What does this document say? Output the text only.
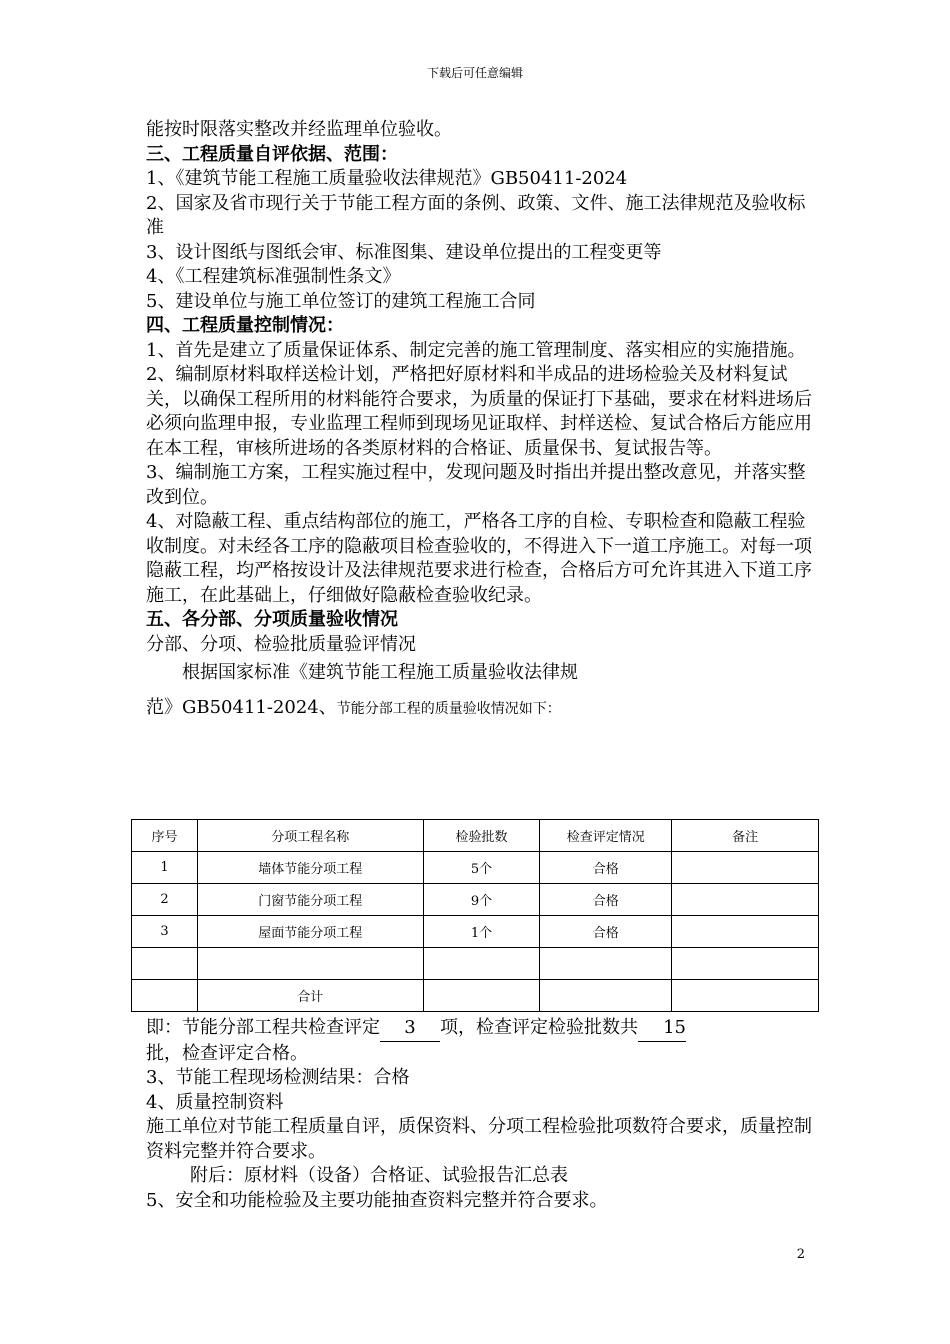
下载后可任意编辑

能按时限落实整改并经监理单位验收。

三、工程质量自评依据、范围：

1、《建筑节能工程施工质量验收法律规范》GB50411-2024

2、国家及省市现行关于节能工程方面的条例、政策、文件、施工法律规范及验收标准

3、设计图纸与图纸会审、标准图集、建设单位提出的工程变更等

4、《工程建筑标准强制性条文》

5、建设单位与施工单位签订的建筑工程施工合同

四、工程质量控制情况：

1、首先是建立了质量保证体系、制定完善的施工管理制度、落实相应的实施措施。

2、编制原材料取样送检计划，严格把好原材料和半成品的进场检验关及材料复试关，以确保工程所用的材料能符合要求，为质量的保证打下基础，要求在材料进场后必须向监理申报，专业监理工程师到现场见证取样、封样送检、复试合格后方能应用在本工程，审核所进场的各类原材料的合格证、质量保书、复试报告等。

3、编制施工方案，工程实施过程中，发现问题及时指出并提出整改意见，并落实整改到位。

4、对隐蔽工程、重点结构部位的施工，严格各工序的自检、专职检查和隐蔽工程验收制度。对未经各工序的隐蔽项目检查验收的，不得进入下一道工序施工。对每一项隐蔽工程，均严格按设计及法律规范要求进行检查，合格后方可允许其进入下道工序施工，在此基础上，仔细做好隐蔽检查验收纪录。

五、各分部、分项质量验收情况

分部、分项、检验批质量验评情况

根据国家标准《建筑节能工程施工质量验收法律规

范》GB50411-2024、节能分部工程的质量验收情况如下：

序号	分项工程名称	检验批数	检查评定情况	备注
1	墙体节能分项工程	5个	合格	
2	门窗节能分项工程	9个	合格	
3	屋面节能分项工程	1个	合格	

	合计			

即：节能分部工程共检查评定 3 项，检查评定检验批数共 15

批，检查评定合格。

3、节能工程现场检测结果：合格

4、质量控制资料

施工单位对节能工程质量自评，质保资料、分项工程检验批项数符合要求，质量控制资料完整并符合要求。

附后：原材料（设备）合格证、试验报告汇总表

5、安全和功能检验及主要功能抽查资料完整并符合要求。

2
